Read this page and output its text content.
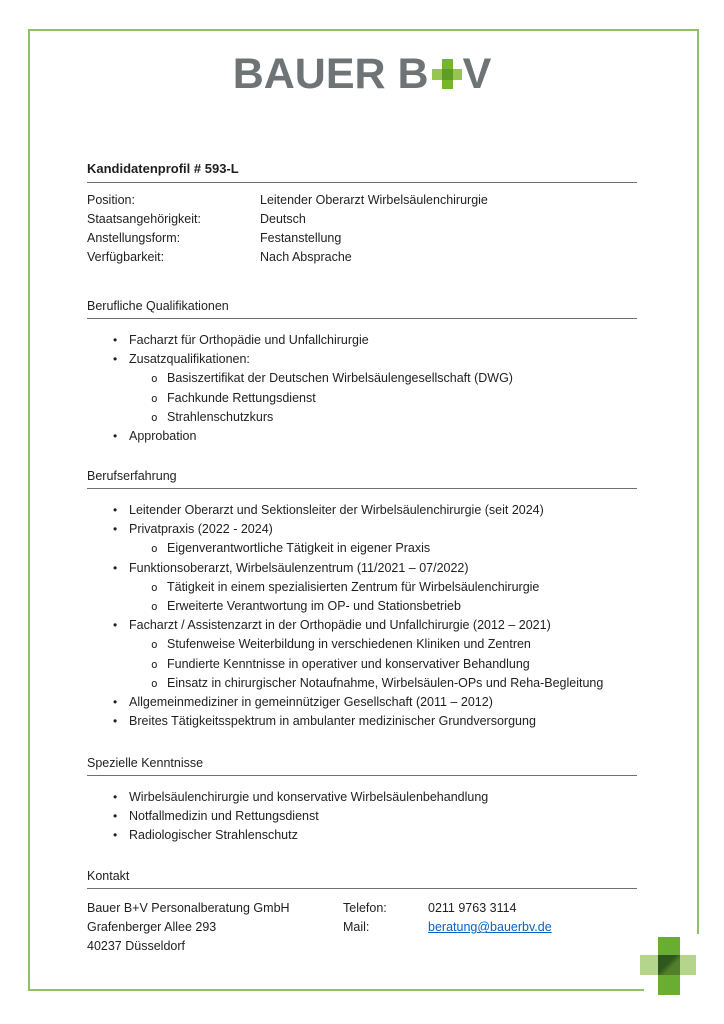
BAUER B V
Kandidatenprofil # 593-L
Position:	Leitender Oberarzt Wirbelsäulenchirurgie
Staatsangehörigkeit:	Deutsch
Anstellungsform:	Festanstellung
Verfügbarkeit:	Nach Absprache
Berufliche Qualifikationen
• Facharzt für Orthopädie und Unfallchirurgie
• Zusatzqualifikationen:
o Basiszertifikat der Deutschen Wirbelsäulengesellschaft (DWG)
o Fachkunde Rettungsdienst
o Strahlenschutzkurs
• Approbation
Berufserfahrung
• Leitender Oberarzt und Sektionsleiter der Wirbelsäulenchirurgie (seit 2024)
• Privatpraxis (2022 - 2024)
o Eigenverantwortliche Tätigkeit in eigener Praxis
• Funktionsoberarzt, Wirbelsäulenzentrum (11/2021 – 07/2022)
o Tätigkeit in einem spezialisierten Zentrum für Wirbelsäulenchirurgie
o Erweiterte Verantwortung im OP- und Stationsbetrieb
• Facharzt / Assistenzarzt in der Orthopädie und Unfallchirurgie (2012 – 2021)
o Stufenweise Weiterbildung in verschiedenen Kliniken und Zentren
o Fundierte Kenntnisse in operativer und konservativer Behandlung
o Einsatz in chirurgischer Notaufnahme, Wirbelsäulen-OPs und Reha-Begleitung
• Allgemeinmediziner in gemeinnütziger Gesellschaft (2011 – 2012)
• Breites Tätigkeitsspektrum in ambulanter medizinischer Grundversorgung
Spezielle Kenntnisse
• Wirbelsäulenchirurgie und konservative Wirbelsäulenbehandlung
• Notfallmedizin und Rettungsdienst
• Radiologischer Strahlenschutz
Kontakt
Bauer B+V Personalberatung GmbH
Grafenberger Allee 293
40237 Düsseldorf
Telefon:	0211 9763 3114
Mail:	beratung@bauerbv.de
